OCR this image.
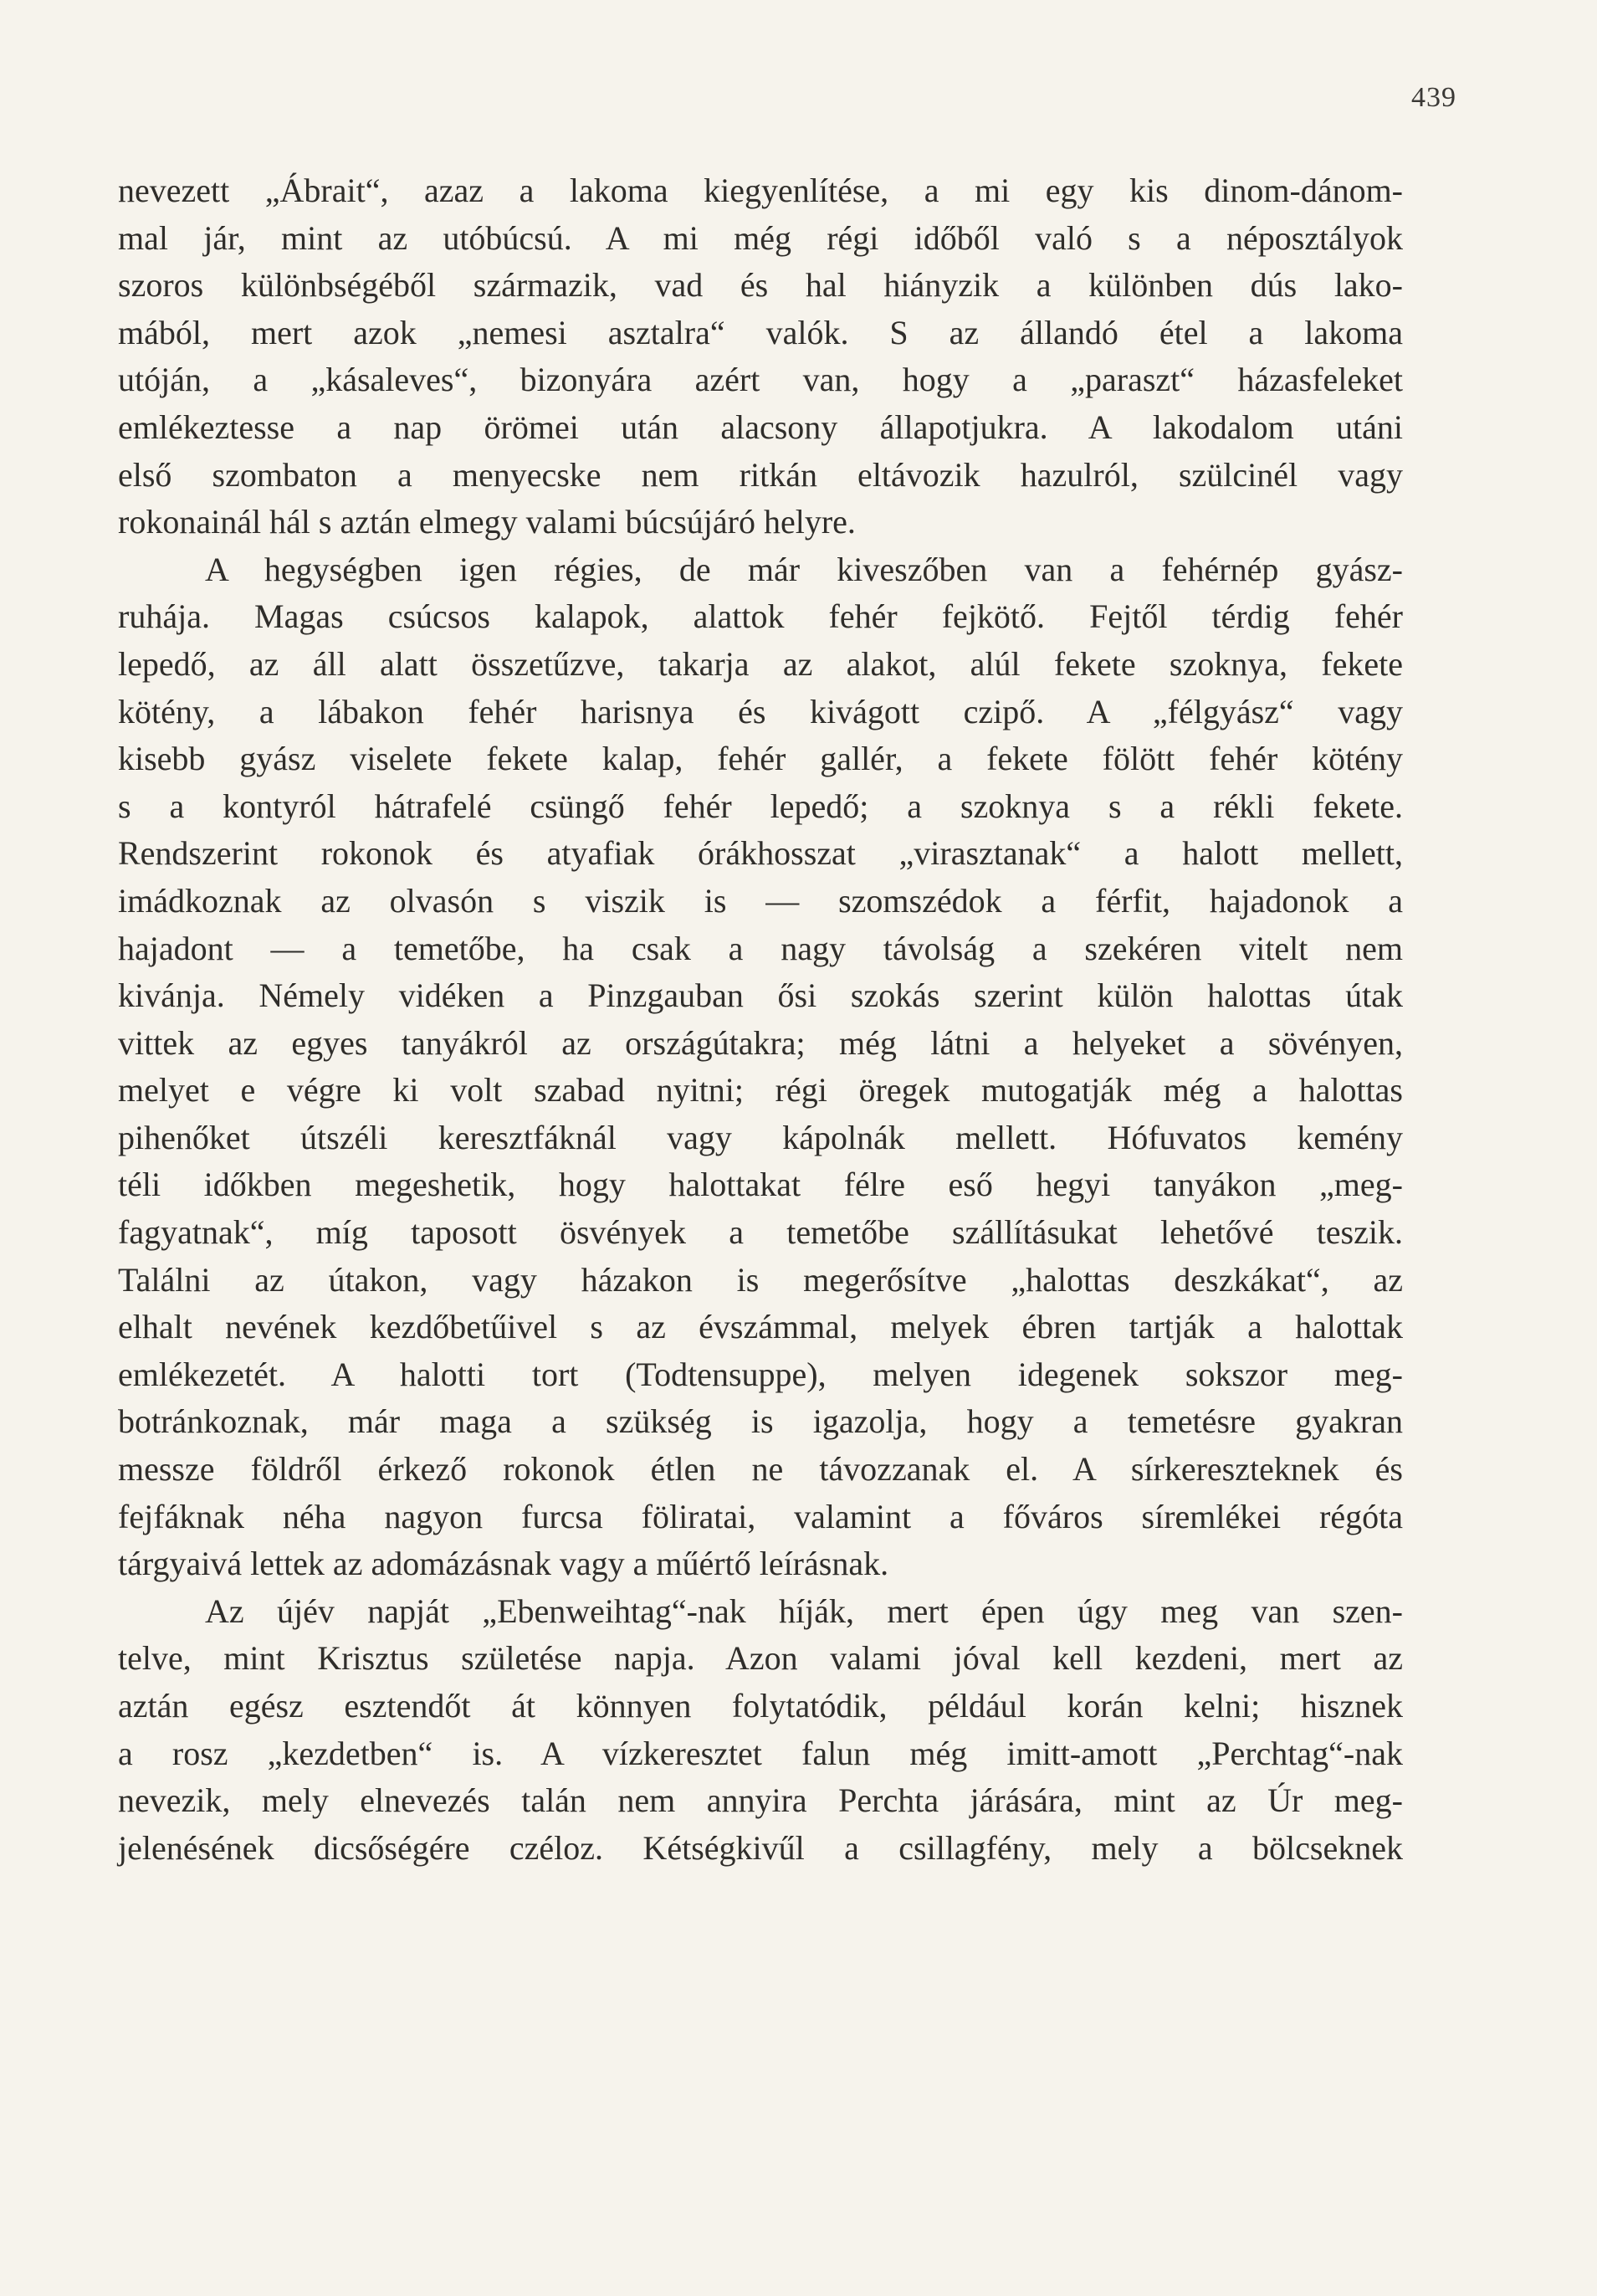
439
nevezett „Ábrait“, azaz a lakoma kiegyenlítése, a mi egy kis dinom-dánom-
mal jár, mint az utóbúcsú. A mi még régi időből való s a néposztályok
szoros különbségéből származik, vad és hal hiányzik a különben dús lako-
mából, mert azok „nemesi asztalra“ valók. S az állandó étel a lakoma
utóján, a „kásaleves“, bizonyára azért van, hogy a „paraszt“ házasfeleket
emlékeztesse a nap örömei után alacsony állapotjukra. A lakodalom utáni
első szombaton a menyecske nem ritkán eltávozik hazulról, szülcinél vagy
rokonainál hál s aztán elmegy valami búcsújáró helyre.
A hegységben igen régies, de már kiveszőben van a fehérnép gyász-
ruhája. Magas csúcsos kalapok, alattok fehér fejkötő. Fejtől térdig fehér
lepedő, az áll alatt összetűzve, takarja az alakot, alúl fekete szoknya, fekete
kötény, a lábakon fehér harisnya és kivágott czipő. A „félgyász“ vagy
kisebb gyász viselete fekete kalap, fehér gallér, a fekete fölött fehér kötény
s a kontyról hátrafelé csüngő fehér lepedő; a szoknya s a rékli fekete.
Rendszerint rokonok és atyafiak órákhosszat „virasztanak“ a halott mellett,
imádkoznak az olvasón s viszik is — szomszédok a férfit, hajadonok a
hajadont — a temetőbe, ha csak a nagy távolság a szekéren vitelt nem
kivánja. Némely vidéken a Pinzgauban ősi szokás szerint külön halottas útak
vittek az egyes tanyákról az országútakra; még látni a helyeket a sövényen,
melyet e végre ki volt szabad nyitni; régi öregek mutogatják még a halottas
pihenőket útszéli keresztfáknál vagy kápolnák mellett. Hófuvatos kemény
téli időkben megeshetik, hogy halottakat félre eső hegyi tanyákon „meg-
fagyatnak“, míg taposott ösvények a temetőbe szállításukat lehetővé teszik.
Találni az útakon, vagy házakon is megerősítve „halottas deszkákat“, az
elhalt nevének kezdőbetűivel s az évszámmal, melyek ébren tartják a halottak
emlékezetét. A halotti tort (Todtensuppe), melyen idegenek sokszor meg-
botránkoznak, már maga a szükség is igazolja, hogy a temetésre gyakran
messze földről érkező rokonok étlen ne távozzanak el. A sírkereszteknek és
fejfáknak néha nagyon furcsa föliratai, valamint a főváros síremlékei régóta
tárgyaivá lettek az adomázásnak vagy a műértő leírásnak.
Az újév napját „Ebenweihtag“-nak híják, mert épen úgy meg van szen-
telve, mint Krisztus születése napja. Azon valami jóval kell kezdeni, mert az
aztán egész esztendőt át könnyen folytatódik, például korán kelni; hisznek
a rosz „kezdetben“ is. A vízkeresztet falun még imitt-amott „Perchtag“-nak
nevezik, mely elnevezés talán nem annyira Perchta járására, mint az Úr meg-
jelenésének dicsőségére czéloz. Kétségkivűl a csillagfény, mely a bölcseknek
